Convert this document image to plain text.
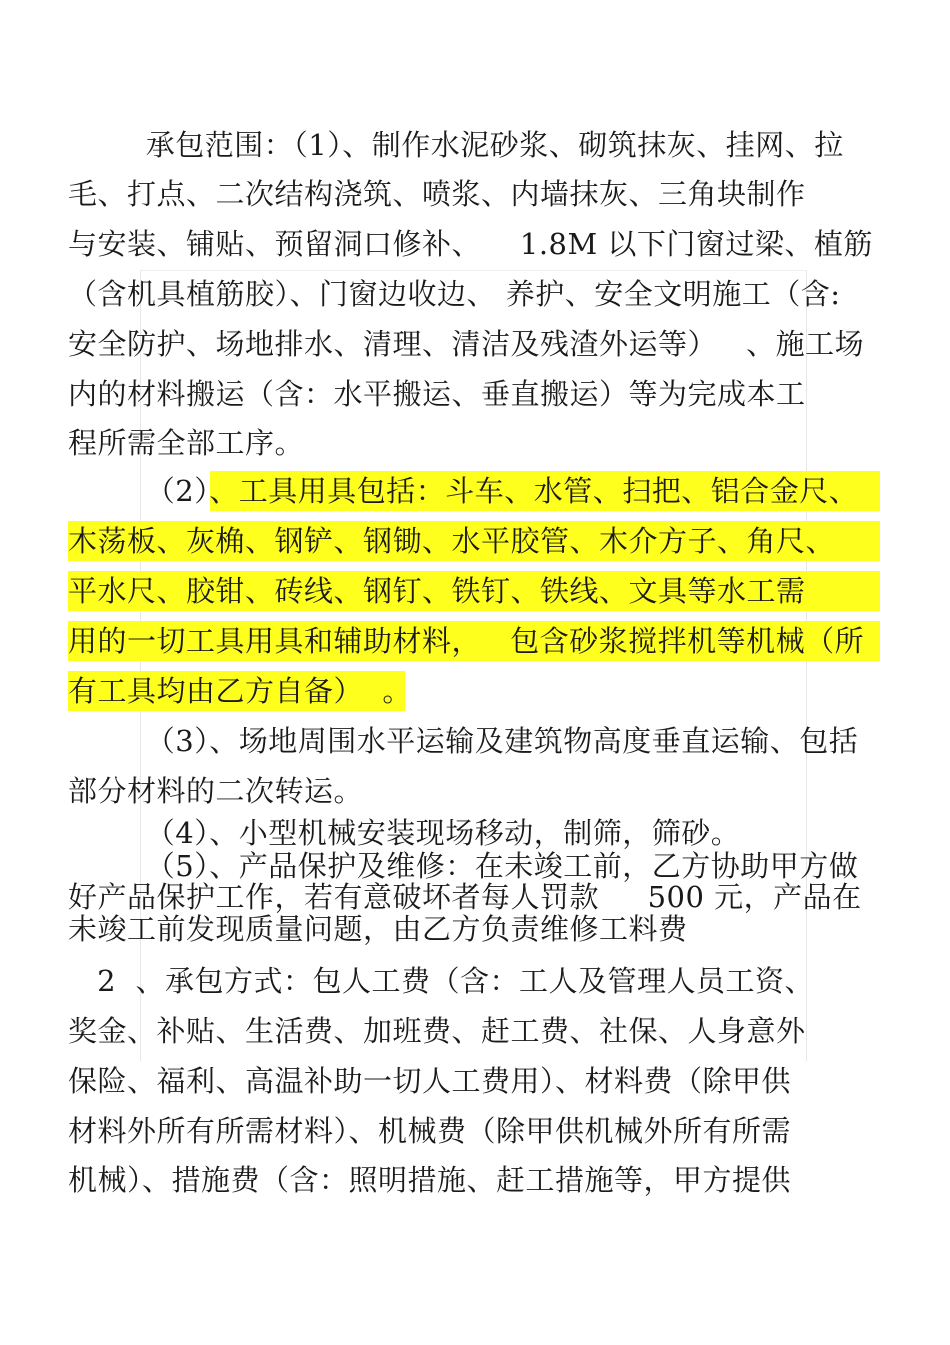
承包范围：（1）、制作水泥砂浆、砌筑抹灰、挂网、拉
毛、打点、二次结构浇筑、喷浆、内墙抹灰、三角块制作
与安装、铺贴、预留洞口修补、    1.8M 以下门窗过梁、植筋
（含机具植筋胶）、门窗边收边、 养护、安全文明施工（含:
安全防护、场地排水、清理、清洁及残渣外运等）   、施工场
内的材料搬运（含：水平搬运、垂直搬运）等为完成本工
程所需全部工序。
（2）、工具用具包括：斗车、水管、扫把、铝合金尺、
木荡板、灰桷、钢铲、钢锄、水平胶管、木介方子、角尺、
平水尺、胶钳、砖线、钢钉、铁钉、铁线、文具等水工需
用的一切工具用具和辅助材料，   包含砂浆搅拌机等机械（所
有工具均由乙方自备）  。
（3）、场地周围水平运输及建筑物高度垂直运输、包括
部分材料的二次转运。
（4）、小型机械安装现场移动，制筛，筛砂。
（5）、产品保护及维修：在未竣工前，乙方协助甲方做
好产品保护工作，若有意破坏者每人罚款     500 元，产品在
未竣工前发现质量问题，由乙方负责维修工料费
2  、承包方式：包人工费（含：工人及管理人员工资、
奖金、补贴、生活费、加班费、赶工费、社保、人身意外
保险、福利、高温补助一切人工费用）、材料费（除甲供
材料外所有所需材料）、机械费（除甲供机械外所有所需
机械）、措施费（含：照明措施、赶工措施等，甲方提供
